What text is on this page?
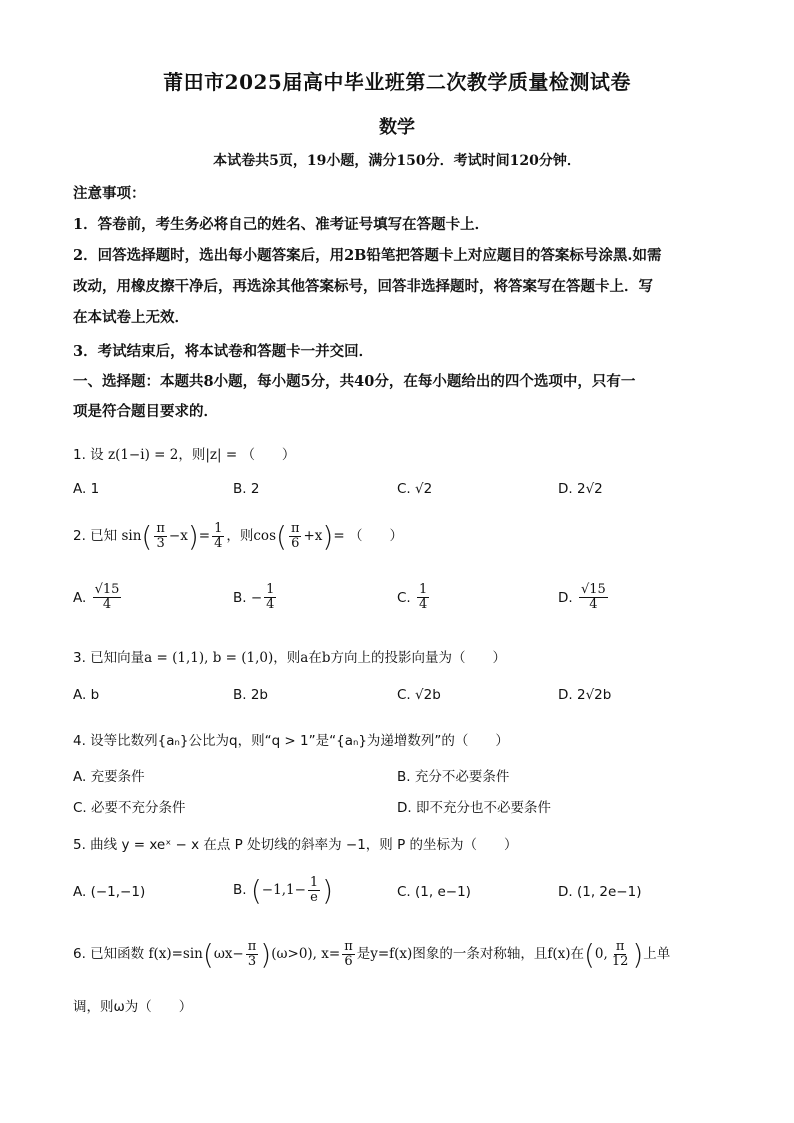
莆田市2025届高中毕业班第二次教学质量检测试卷
数学
本试卷共5页，19小题，满分150分．考试时间120分钟．
注意事项：
1．答卷前，考生务必将自己的姓名、准考证号填写在答题卡上．
2．回答选择题时，选出每小题答案后，用2B铅笔把答题卡上对应题目的答案标号涂黑.如需
改动，用橡皮擦干净后，再选涂其他答案标号，回答非选择题时，将答案写在答题卡上．写
在本试卷上无效．
3．考试结束后，将本试卷和答题卡一并交回．
一、选择题：本题共8小题，每小题5分，共40分，在每小题给出的四个选项中，只有一
项是符合题目要求的．
1. 设 z(1−i) = 2，则|z| = （　　）
A. 1	B. 2	C. √2	D. 2√2
2. 已知 $\sin( \frac{\pi}{3} -x)= \frac{1}{4}$ ，则$\cos( \frac{\pi}{6} +x)=$ （　　）
A. $\frac{√15}{4}$	B. − $\frac{1}{4}$	C. $\frac{1}{4}$	D. $\frac{√15}{4}$
3. 已知向量a = (1,1), b = (1,0)，则a在b方向上的投影向量为（　　）
A. b	B. 2b	C. √2b	D. 2√2b
4. 设等比数列{aₙ}公比为q，则“q > 1”是“{aₙ}为递增数列”的（　　）
A. 充要条件	B. 充分不必要条件
C. 必要不充分条件	D. 即不充分也不必要条件
5. 曲线 y = xeˣ − x 在点 P 处切线的斜率为 −1，则 P 的坐标为（　　）
A. (−1,−1)	B. ($-1,1- \frac{1}{e}$ )	C. (1, e−1)	D. (1, 2e−1)
6. 已知函数 $f(x)=\sin(\omega x- \frac{\pi}{3} )(\omega>0)$, $x= \frac{\pi}{6}$ 是y=f(x)图象的一条对称轴，且f(x)在(0, $\frac{\pi}{12}$ )上单
调，则ω为（　　）
